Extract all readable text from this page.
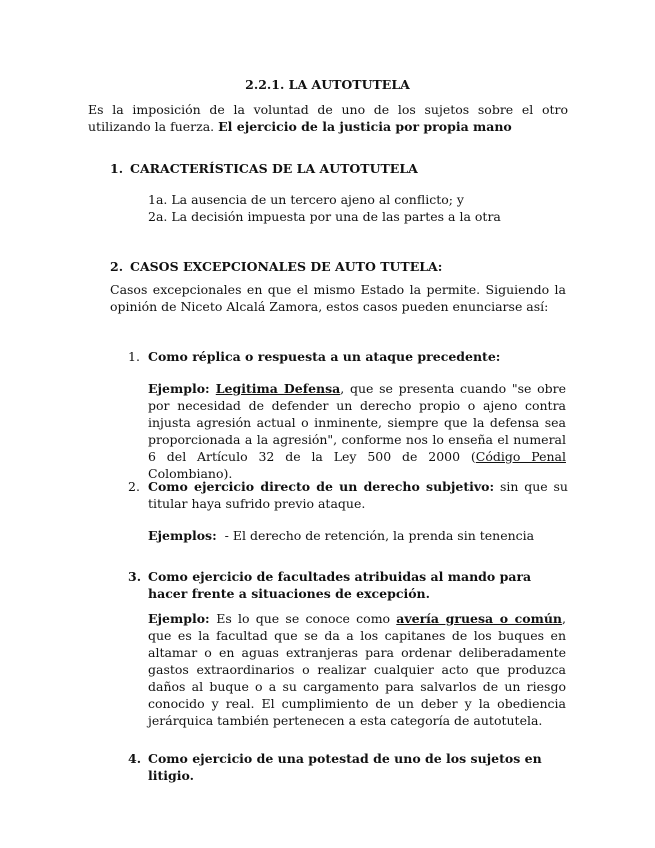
2.2.1. LA AUTOTUTELA
Es la imposición de la voluntad de uno de los sujetos sobre el otro utilizando la fuerza. El ejercicio de la justicia por propia mano
1. CARACTERÍSTICAS DE LA AUTOTUTELA
1a. La ausencia de un tercero ajeno al conflicto; y
2a. La decisión impuesta por una de las partes a la otra
2. CASOS EXCEPCIONALES DE AUTO TUTELA:
Casos excepcionales en que el mismo Estado la permite. Siguiendo la opinión de Niceto Alcalá Zamora, estos casos pueden enunciarse así:
1. Como réplica o respuesta a un ataque precedente:
Ejemplo: Legitima Defensa, que se presenta cuando "se obre por necesidad de defender un derecho propio o ajeno contra injusta agresión actual o inminente, siempre que la defensa sea proporcionada a la agresión", conforme nos lo enseña el numeral 6 del Artículo 32 de la Ley 500 de 2000 (Código Penal Colombiano).
2. Como ejercicio directo de un derecho subjetivo: sin que su titular haya sufrido previo ataque.
Ejemplos:  - El derecho de retención, la prenda sin tenencia
3. Como ejercicio de facultades atribuidas al mando para hacer frente a situaciones de excepción.
Ejemplo: Es lo que se conoce como avería gruesa o común, que es la facultad que se da a los capitanes de los buques en altamar o en aguas extranjeras para ordenar deliberadamente gastos extraordinarios o realizar cualquier acto que produzca daños al buque o a su cargamento para salvarlos de un riesgo conocido y real. El cumplimiento de un deber y la obediencia jerárquica también pertenecen a esta categoría de autotutela.
4. Como ejercicio de una potestad de uno de los sujetos en litigio.
